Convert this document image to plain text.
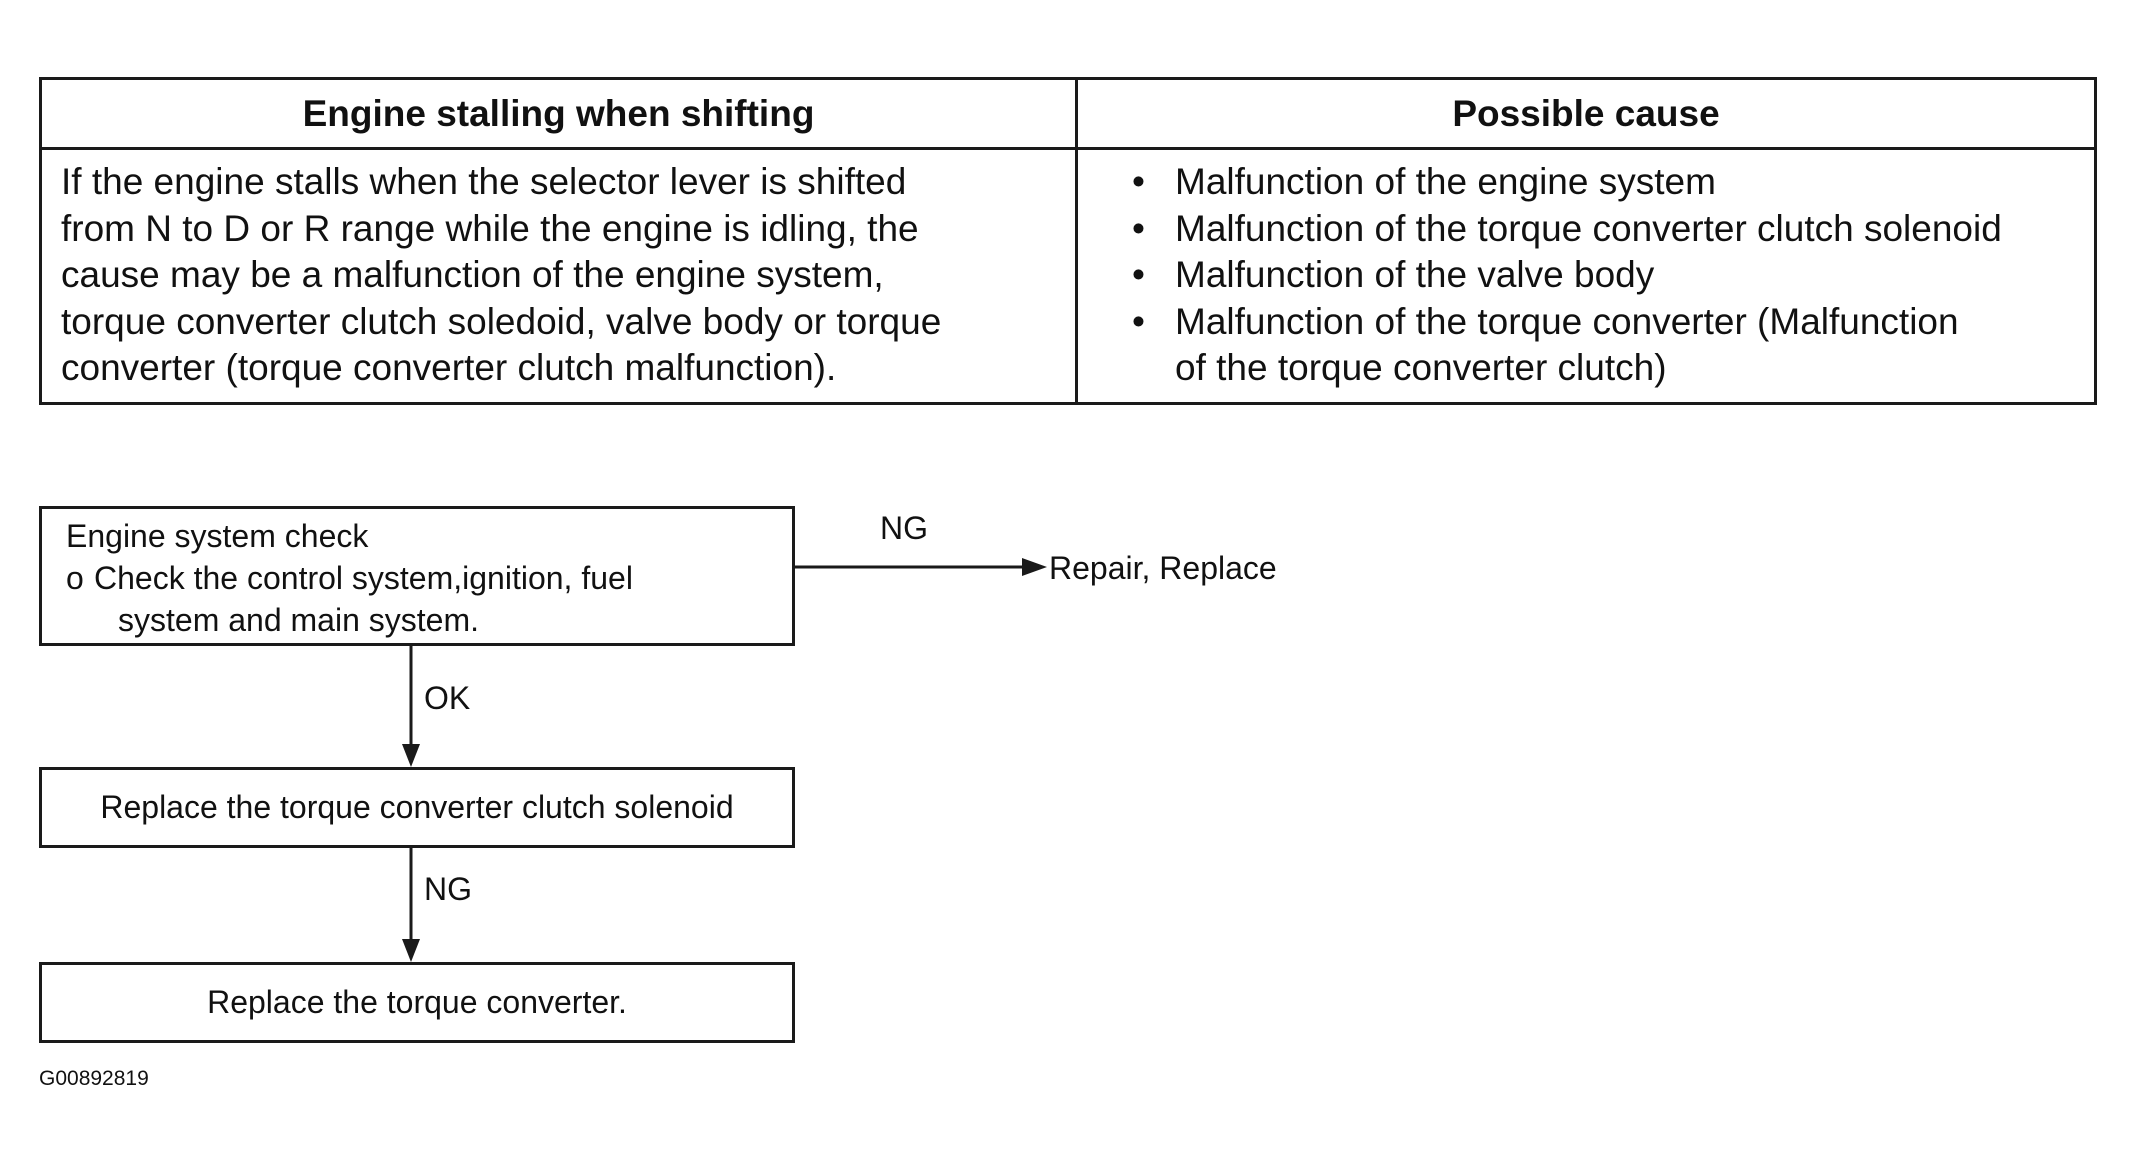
Engine stalling when shifting	Possible cause
If the engine stalls when the selector lever is shifted
from N to D or R range while the engine is idling, the
cause may be a malfunction of the engine system,
torque converter clutch soledoid, valve body or torque
converter (torque converter clutch malfunction).
• Malfunction of the engine system
• Malfunction of the torque converter clutch solenoid
• Malfunction of the valve body
• Malfunction of the torque converter (Malfunction
of the torque converter clutch)
Engine system check
o Check the control system,ignition, fuel
system and main system.
NG
Repair, Replace
OK
Replace the torque converter clutch solenoid
NG
Replace the torque converter.
G00892819
